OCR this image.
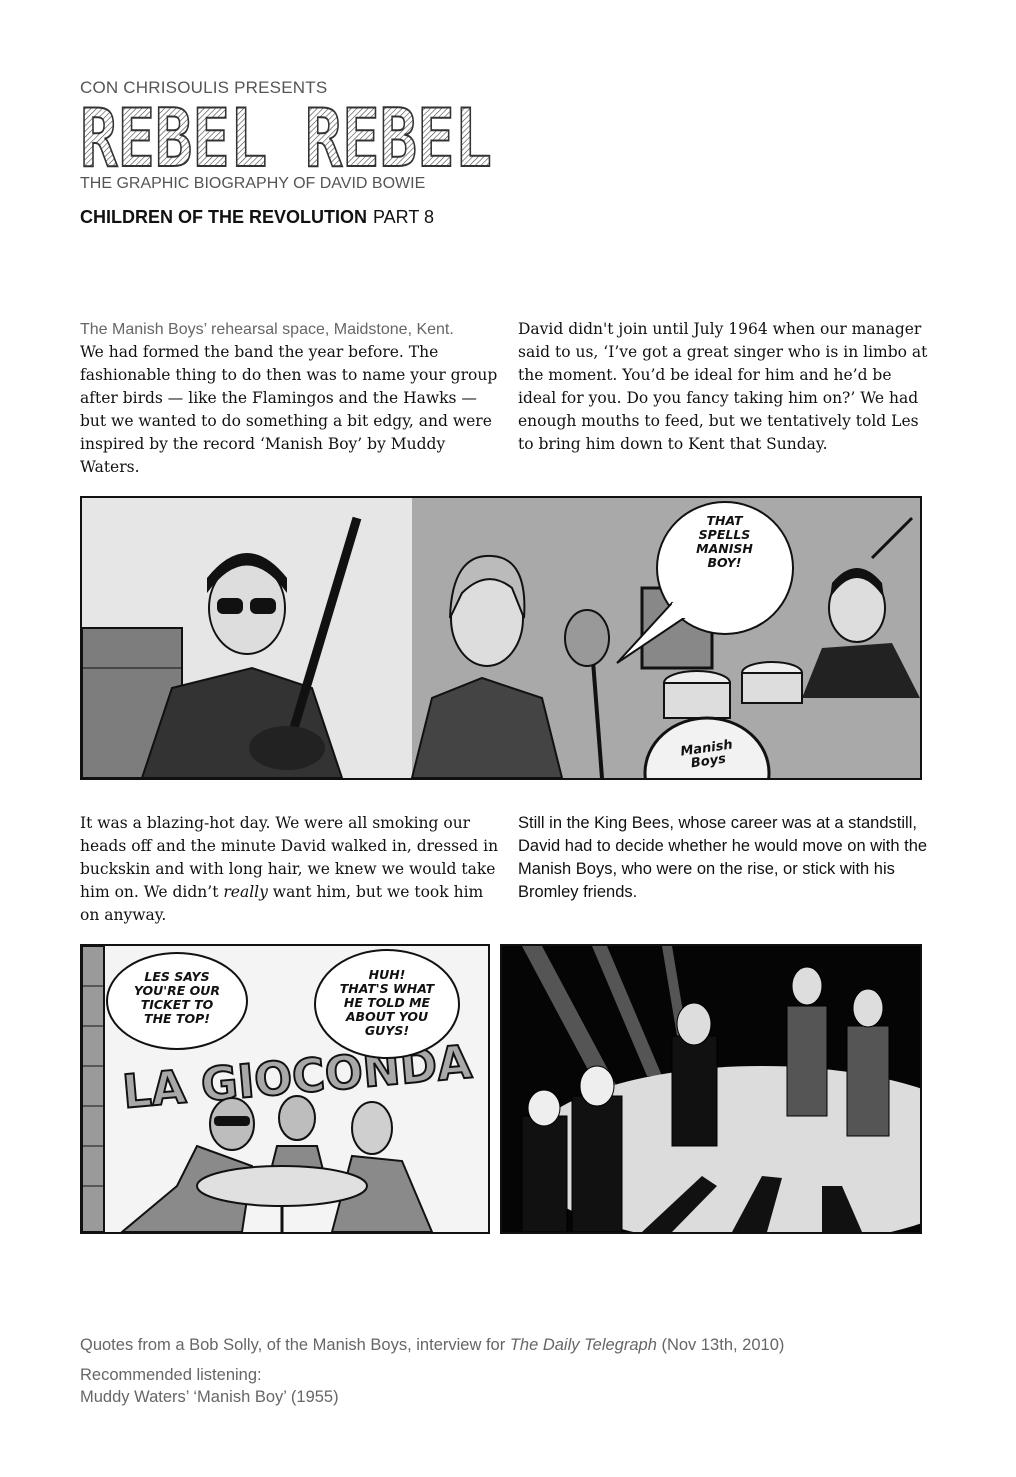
CON CHRISOULIS PRESENTS
REBEL REBEL
THE GRAPHIC BIOGRAPHY OF DAVID BOWIE
CHILDREN OF THE REVOLUTION PART 8
The Manish Boys’ rehearsal space, Maidstone, Kent.
We had formed the band the year before. The fashionable thing to do then was to name your group after birds — like the Flamingos and the Hawks — but we wanted to do something a bit edgy, and were inspired by the record ‘Manish Boy’ by Muddy Waters.
David didn't join until July 1964 when our manager said to us, ‘I’ve got a great singer who is in limbo at the moment. You’d be ideal for him and he’d be ideal for you. Do you fancy taking him on?’ We had enough mouths to feed, but we tentatively told Les to bring him down to Kent that Sunday.
THAT
SPELLS
MANISH
BOY!
Manish
Boys
It was a blazing-hot day. We were all smoking our heads off and the minute David walked in, dressed in buckskin and with long hair, we knew we would take him on. We didn’t really want him, but we took him on anyway.
Still in the King Bees, whose career was at a standstill, David had to decide whether he would move on with the Manish Boys, who were on the rise, or stick with his Bromley friends.
LA GIOCONDA
LES SAYS
YOU'RE OUR
TICKET TO
THE TOP!
HUH!
THAT'S WHAT
HE TOLD ME
ABOUT YOU
GUYS!
Quotes from a Bob Solly, of the Manish Boys, interview for The Daily Telegraph (Nov 13th, 2010)
Recommended listening:
Muddy Waters’ ‘Manish Boy’ (1955)
